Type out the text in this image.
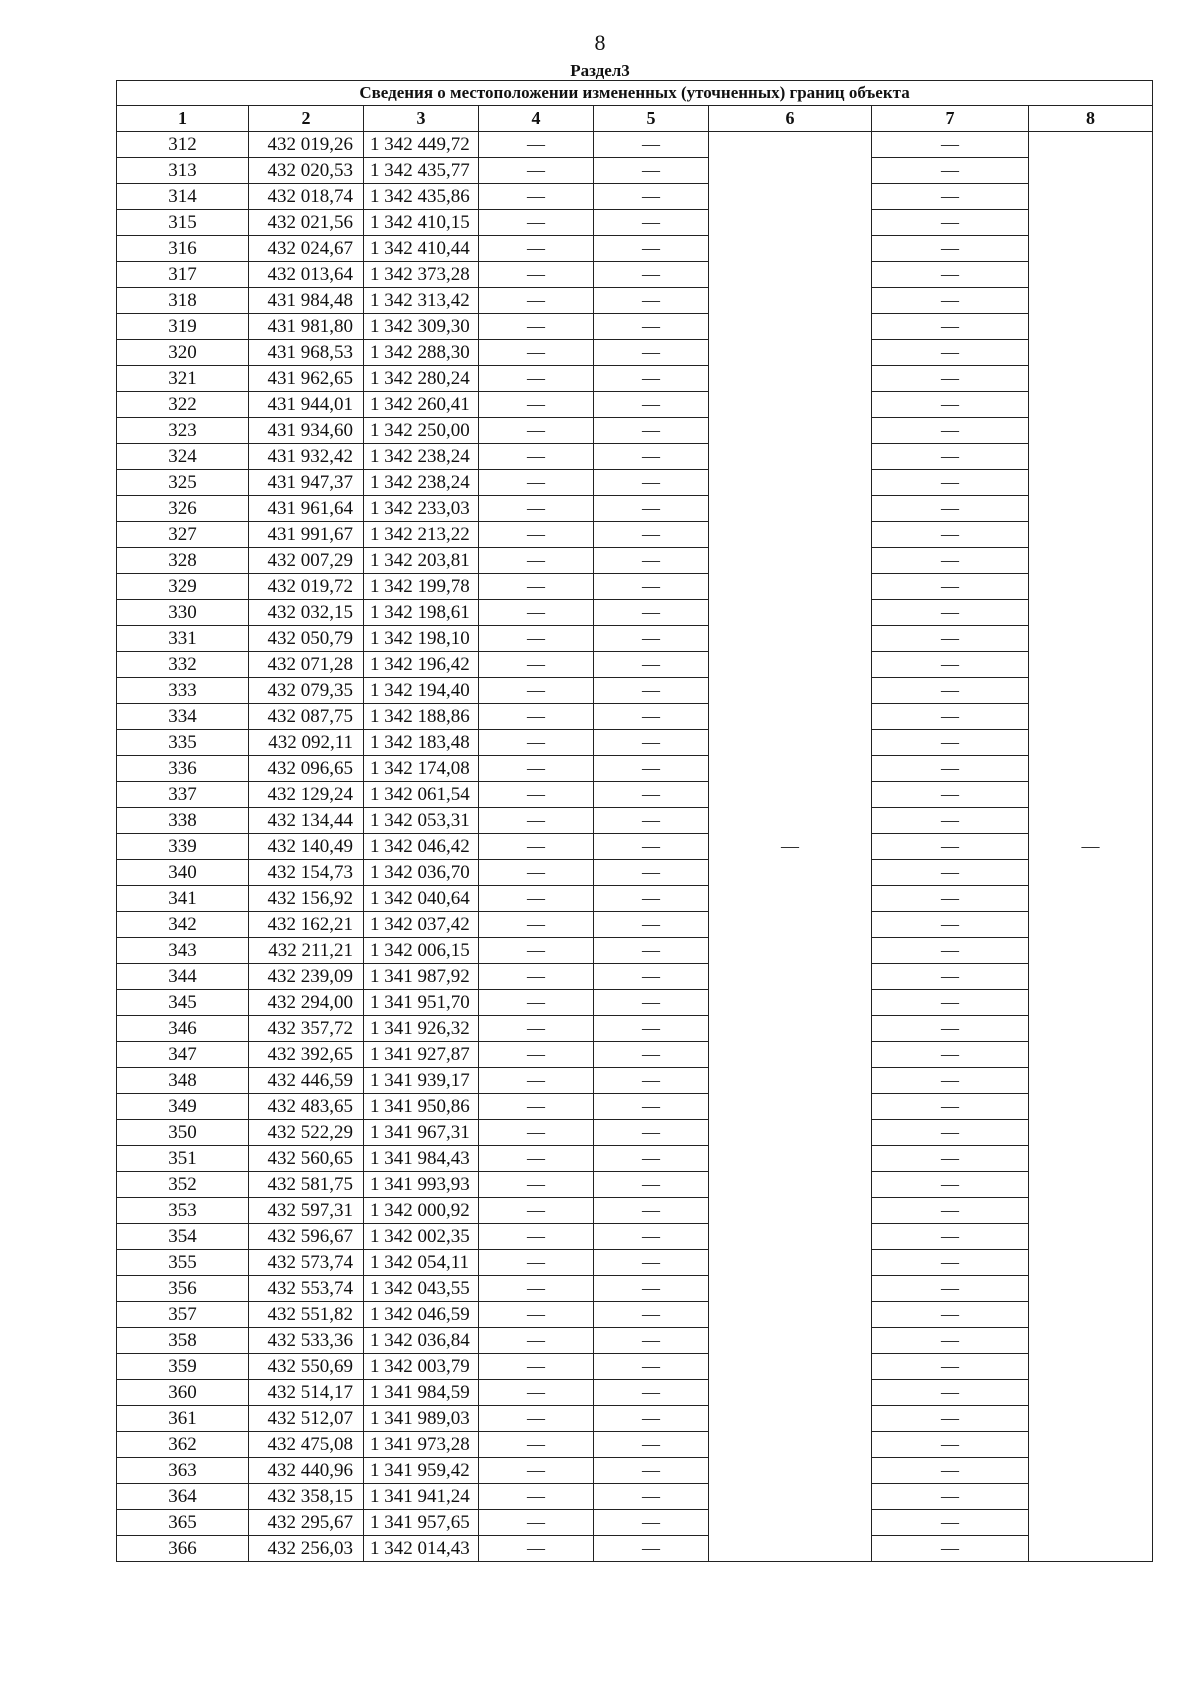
8
Раздел3
Сведения о местоположении измененных (уточненных) границ объекта							
1	2	3	4	5	6	7	8
312	432 019,26	1 342 449,72	—	—	—	—	—
313	432 020,53	1 342 435,77	—	—		—	
314	432 018,74	1 342 435,86	—	—		—	
315	432 021,56	1 342 410,15	—	—		—	
316	432 024,67	1 342 410,44	—	—		—	
317	432 013,64	1 342 373,28	—	—		—	
318	431 984,48	1 342 313,42	—	—		—	
319	431 981,80	1 342 309,30	—	—		—	
320	431 968,53	1 342 288,30	—	—		—	
321	431 962,65	1 342 280,24	—	—		—	
322	431 944,01	1 342 260,41	—	—		—	
323	431 934,60	1 342 250,00	—	—		—	
324	431 932,42	1 342 238,24	—	—		—	
325	431 947,37	1 342 238,24	—	—		—	
326	431 961,64	1 342 233,03	—	—		—	
327	431 991,67	1 342 213,22	—	—		—	
328	432 007,29	1 342 203,81	—	—		—	
329	432 019,72	1 342 199,78	—	—		—	
330	432 032,15	1 342 198,61	—	—		—	
331	432 050,79	1 342 198,10	—	—		—	
332	432 071,28	1 342 196,42	—	—		—	
333	432 079,35	1 342 194,40	—	—		—	
334	432 087,75	1 342 188,86	—	—		—	
335	432 092,11	1 342 183,48	—	—		—	
336	432 096,65	1 342 174,08	—	—		—	
337	432 129,24	1 342 061,54	—	—		—	
338	432 134,44	1 342 053,31	—	—		—	
339	432 140,49	1 342 046,42	—	—		—	
340	432 154,73	1 342 036,70	—	—		—	
341	432 156,92	1 342 040,64	—	—		—	
342	432 162,21	1 342 037,42	—	—		—	
343	432 211,21	1 342 006,15	—	—		—	
344	432 239,09	1 341 987,92	—	—		—	
345	432 294,00	1 341 951,70	—	—		—	
346	432 357,72	1 341 926,32	—	—		—	
347	432 392,65	1 341 927,87	—	—		—	
348	432 446,59	1 341 939,17	—	—		—	
349	432 483,65	1 341 950,86	—	—		—	
350	432 522,29	1 341 967,31	—	—		—	
351	432 560,65	1 341 984,43	—	—		—	
352	432 581,75	1 341 993,93	—	—		—	
353	432 597,31	1 342 000,92	—	—		—	
354	432 596,67	1 342 002,35	—	—		—	
355	432 573,74	1 342 054,11	—	—		—	
356	432 553,74	1 342 043,55	—	—		—	
357	432 551,82	1 342 046,59	—	—		—	
358	432 533,36	1 342 036,84	—	—		—	
359	432 550,69	1 342 003,79	—	—		—	
360	432 514,17	1 341 984,59	—	—		—	
361	432 512,07	1 341 989,03	—	—		—	
362	432 475,08	1 341 973,28	—	—		—	
363	432 440,96	1 341 959,42	—	—		—	
364	432 358,15	1 341 941,24	—	—		—	
365	432 295,67	1 341 957,65	—	—		—	
366	432 256,03	1 342 014,43	—	—		—	
